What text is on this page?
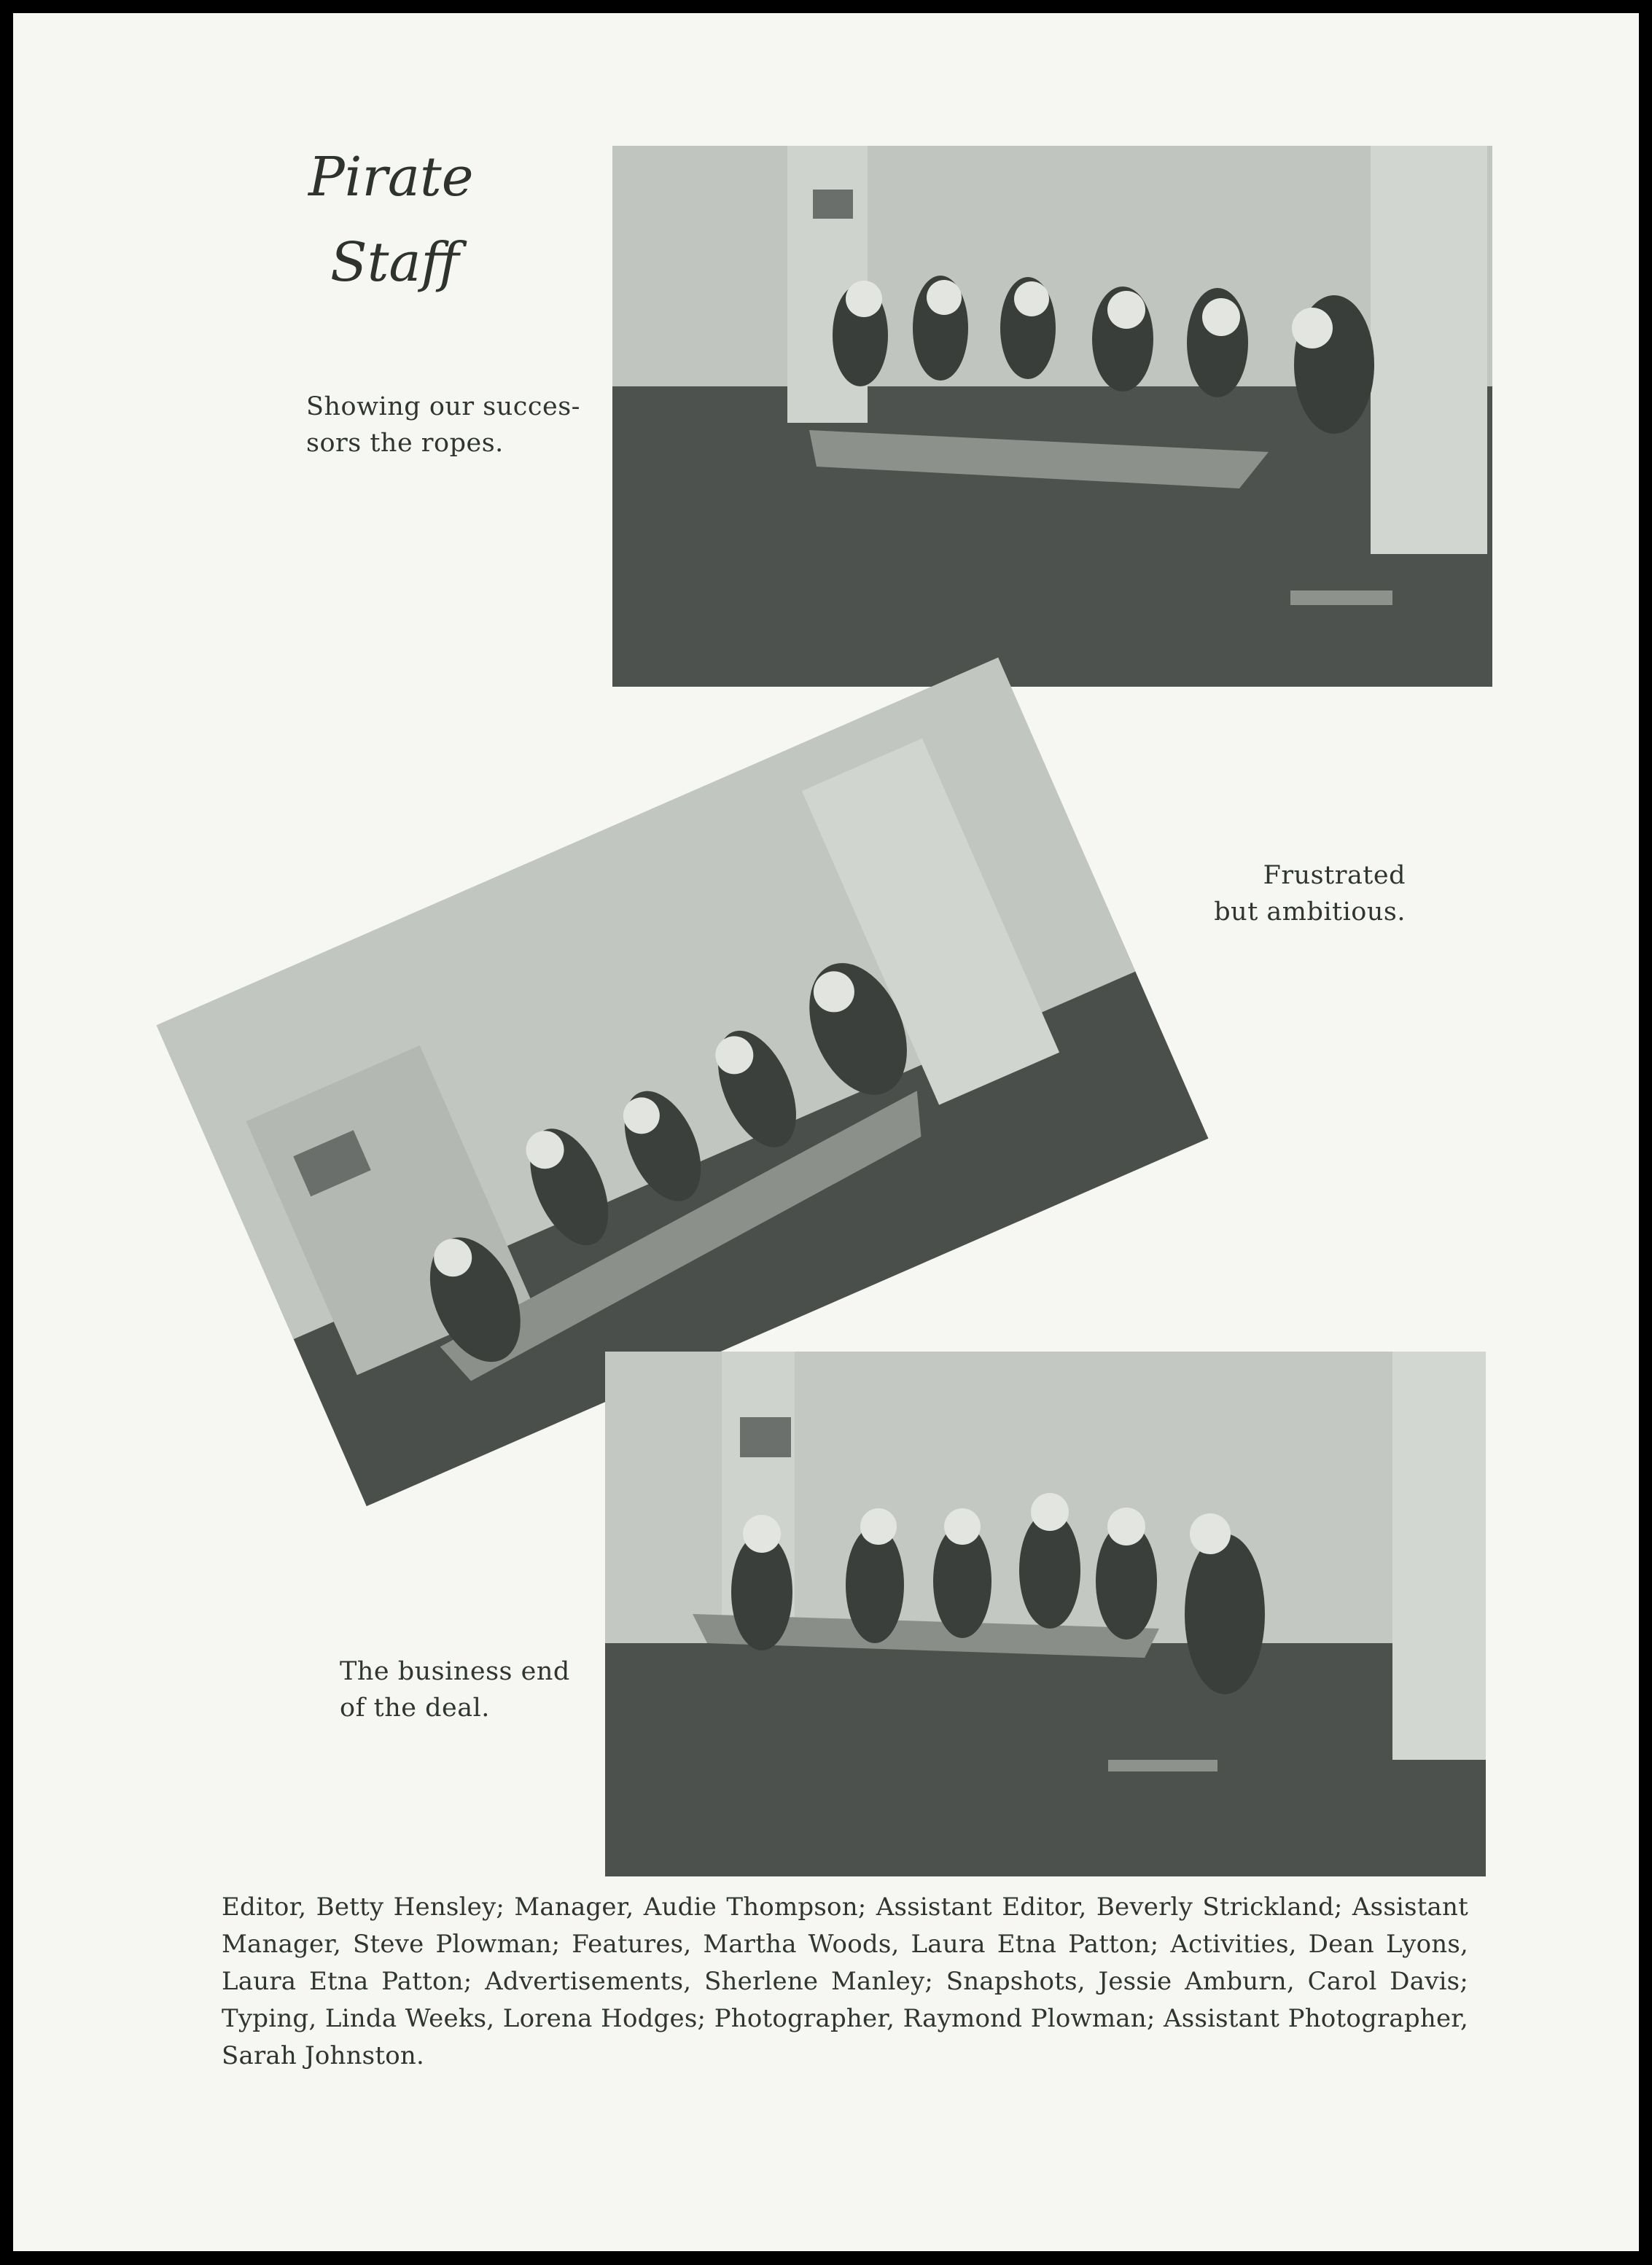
Pirate
Staff
Showing our succes-
sors the ropes.
Frustrated
but ambitious.
The business end
of the deal.
Editor, Betty Hensley; Manager, Audie Thompson; Assistant Editor, Beverly Strickland; Assistant Manager, Steve Plowman; Features, Martha Woods, Laura Etna Patton; Activities, Dean Lyons, Laura Etna Patton; Advertisements, Sherlene Manley; Snapshots, Jessie Amburn, Carol Davis; Typing, Linda Weeks, Lorena Hodges; Photographer, Raymond Plowman; Assistant Photographer, Sarah Johnston.
